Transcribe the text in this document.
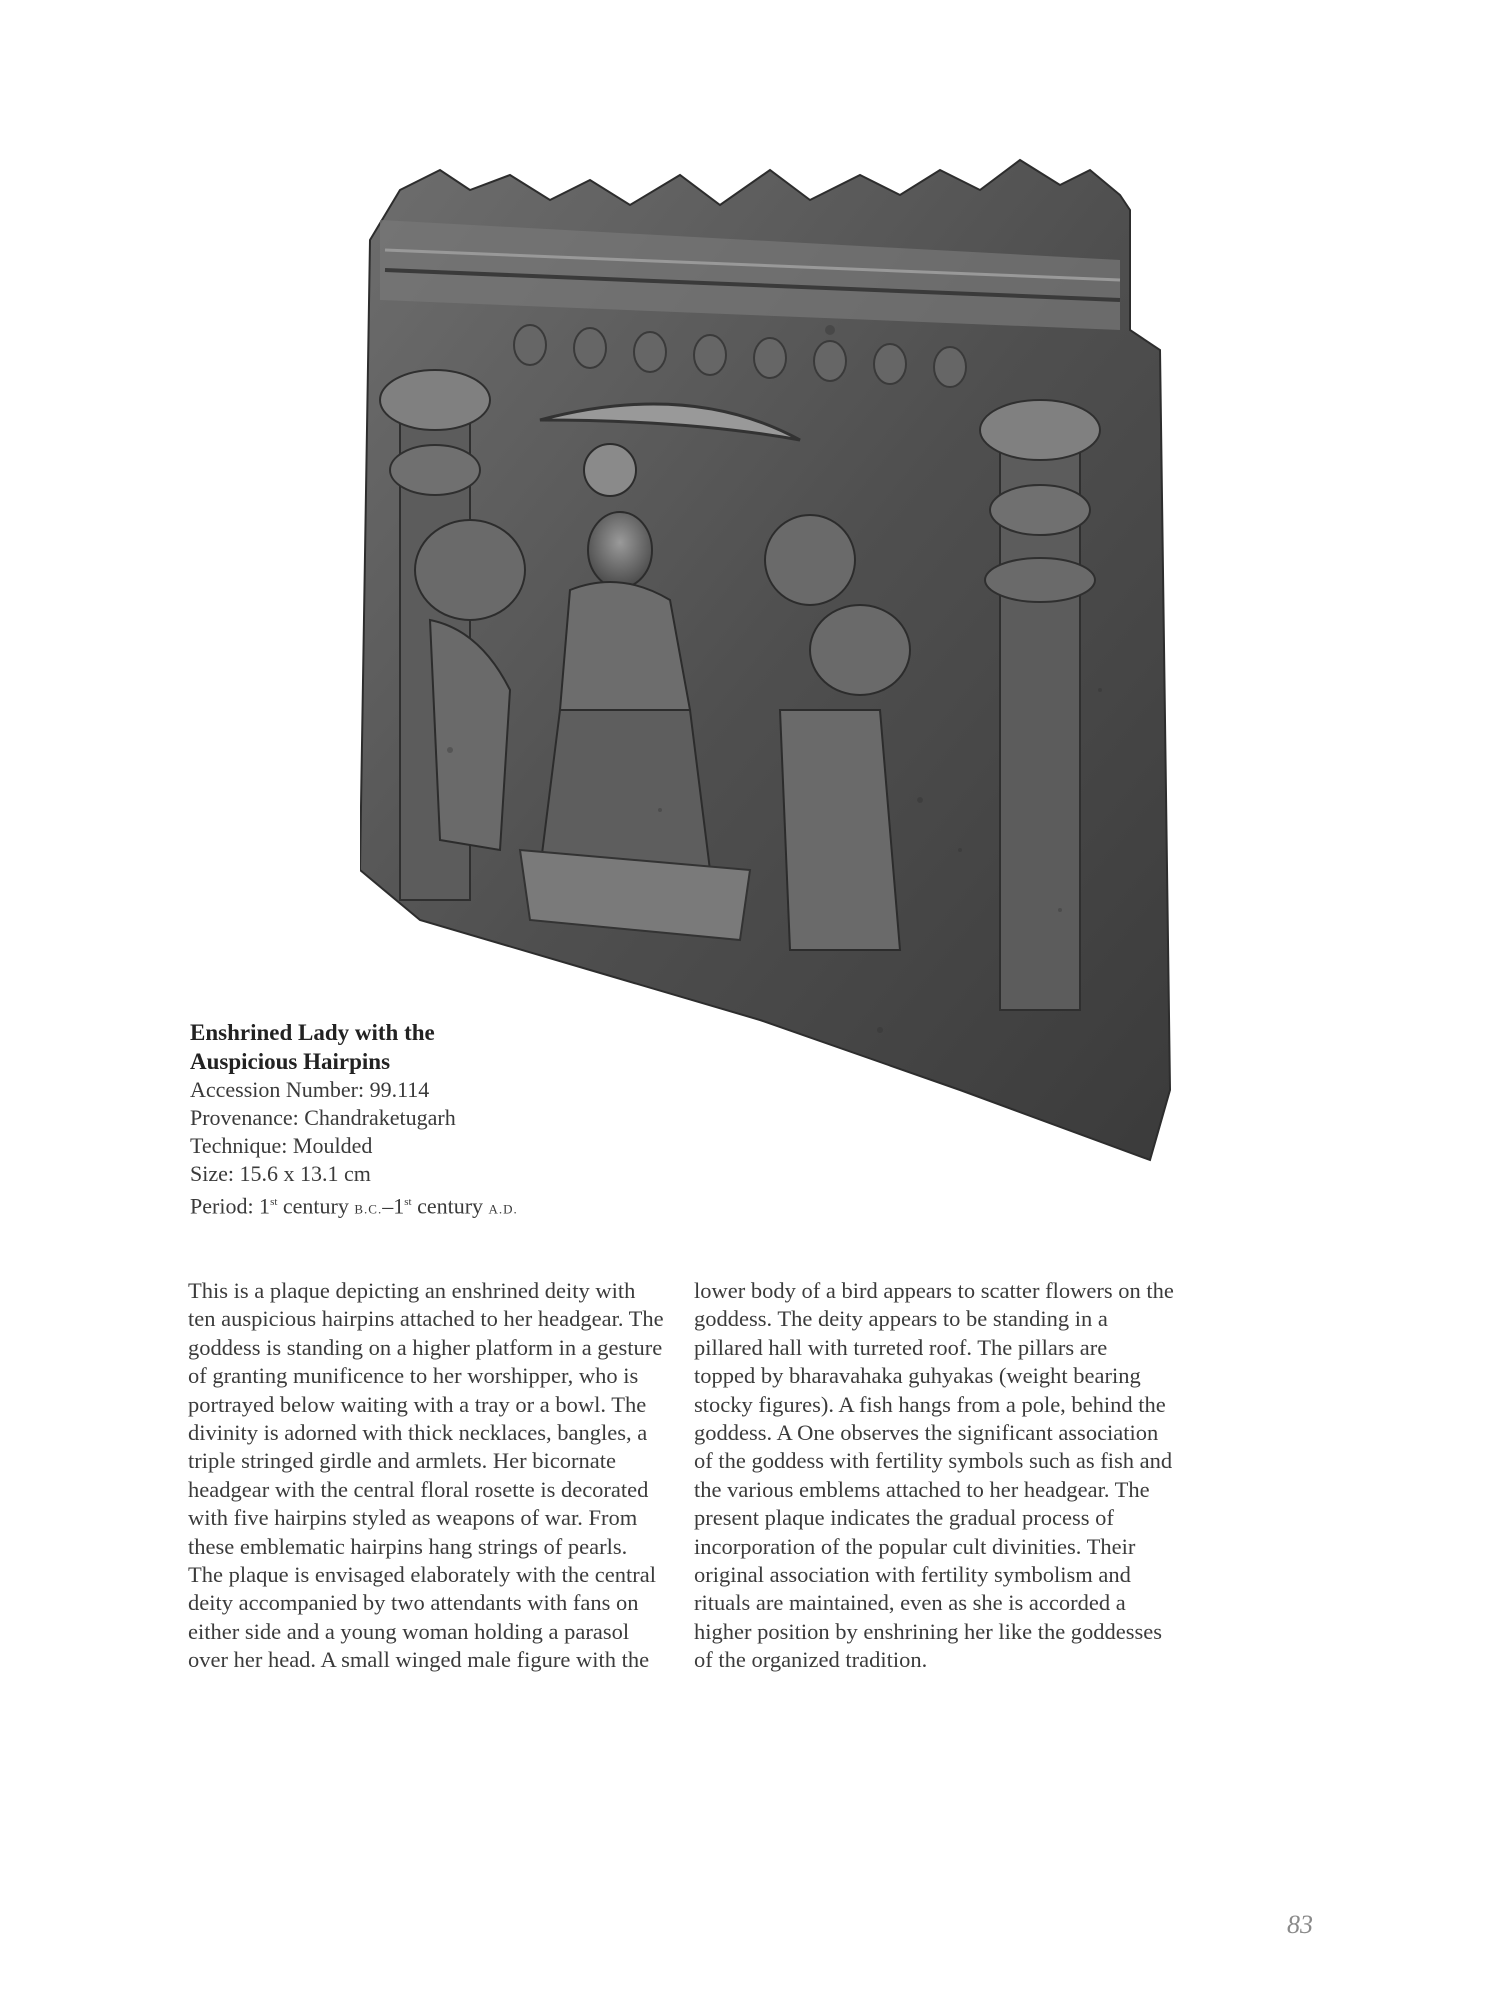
Enshrined Lady with the
Auspicious Hairpins
Accession Number: 99.114
Provenance: Chandraketugarh
Technique: Moulded
Size: 15.6 x 13.1 cm
Period: 1st century B.C.–1st century A.D.

This is a plaque depicting an enshrined deity with ten auspicious hairpins attached to her headgear. The goddess is standing on a higher platform in a gesture of granting munificence to her worshipper, who is portrayed below waiting with a tray or a bowl. The divinity is adorned with thick necklaces, bangles, a triple stringed girdle and armlets. Her bicornate headgear with the central floral rosette is decorated with five hairpins styled as weapons of war. From these emblematic hairpins hang strings of pearls.

The plaque is envisaged elaborately with the central deity accompanied by two attendants with fans on either side and a young woman holding a parasol over her head. A small winged male figure with the

lower body of a bird appears to scatter flowers on the goddess. The deity appears to be standing in a pillared hall with turreted roof. The pillars are topped by bharavahaka guhyakas (weight bearing stocky figures). A fish hangs from a pole, behind the goddess. A One observes the significant association of the goddess with fertility symbols such as fish and the various emblems attached to her headgear. The present plaque indicates the gradual process of incorporation of the popular cult divinities. Their original association with fertility symbolism and rituals are maintained, even as she is accorded a higher position by enshrining her like the goddesses of the organized tradition.

83
